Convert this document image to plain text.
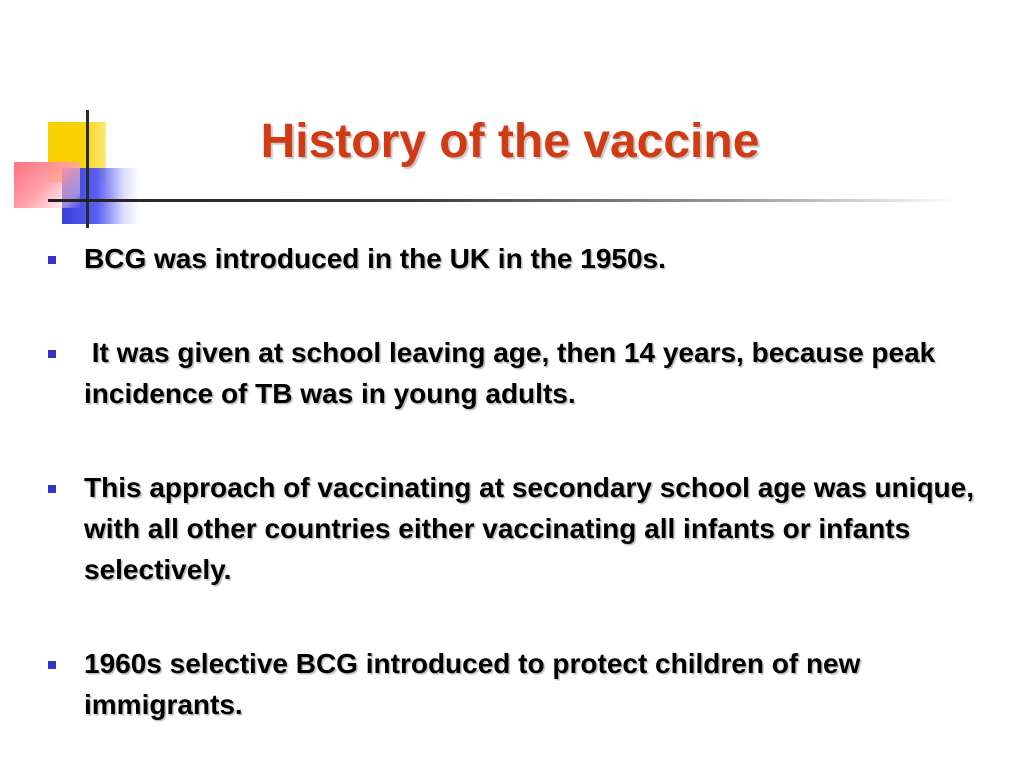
History of the vaccine
BCG was introduced in the UK in the 1950s.
It was given at school leaving age, then 14 years, because peak incidence of TB was in young adults.
This approach of vaccinating at secondary school age was unique, with all other countries either vaccinating all infants or infants selectively.
1960s selective BCG introduced to protect children of new immigrants.
